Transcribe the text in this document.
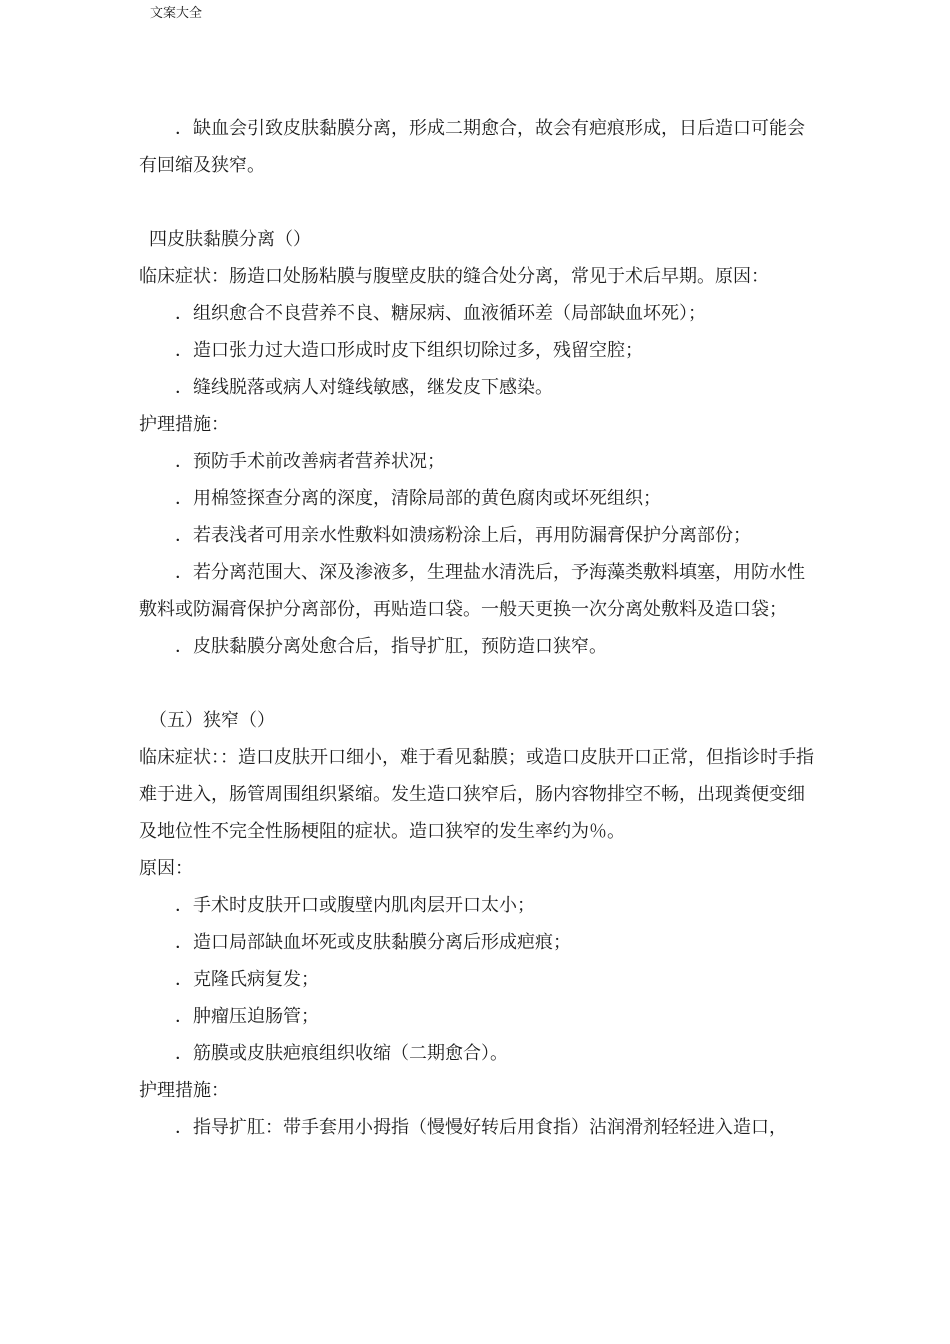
文案大全

．缺血会引致皮肤黏膜分离，形成二期愈合，故会有疤痕形成，日后造口可能会有回缩及狭窄。

四皮肤黏膜分离（）

临床症状：肠造口处肠粘膜与腹壁皮肤的缝合处分离，常见于术后早期。原因：

．组织愈合不良营养不良、糖尿病、血液循环差（局部缺血坏死）；

．造口张力过大造口形成时皮下组织切除过多，残留空腔；

．缝线脱落或病人对缝线敏感，继发皮下感染。

护理措施：

．预防手术前改善病者营养状况；

．用棉签探查分离的深度，清除局部的黄色腐肉或坏死组织；

．若表浅者可用亲水性敷料如溃疡粉涂上后，再用防漏膏保护分离部份；

．若分离范围大、深及渗液多，生理盐水清洗后，予海藻类敷料填塞，用防水性敷料或防漏膏保护分离部份，再贴造口袋。一般天更换一次分离处敷料及造口袋；

．皮肤黏膜分离处愈合后，指导扩肛，预防造口狭窄。

（五）狭窄（）

临床症状：：造口皮肤开口细小，难于看见黏膜；或造口皮肤开口正常，但指诊时手指难于进入，肠管周围组织紧缩。发生造口狭窄后，肠内容物排空不畅，出现粪便变细及地位性不完全性肠梗阻的症状。造口狭窄的发生率约为％。

原因：

．手术时皮肤开口或腹壁内肌肉层开口太小；

．造口局部缺血坏死或皮肤黏膜分离后形成疤痕；

．克隆氏病复发；

．肿瘤压迫肠管；

．筋膜或皮肤疤痕组织收缩（二期愈合）。

护理措施：

．指导扩肛：带手套用小拇指（慢慢好转后用食指）沾润滑剂轻轻进入造口，
